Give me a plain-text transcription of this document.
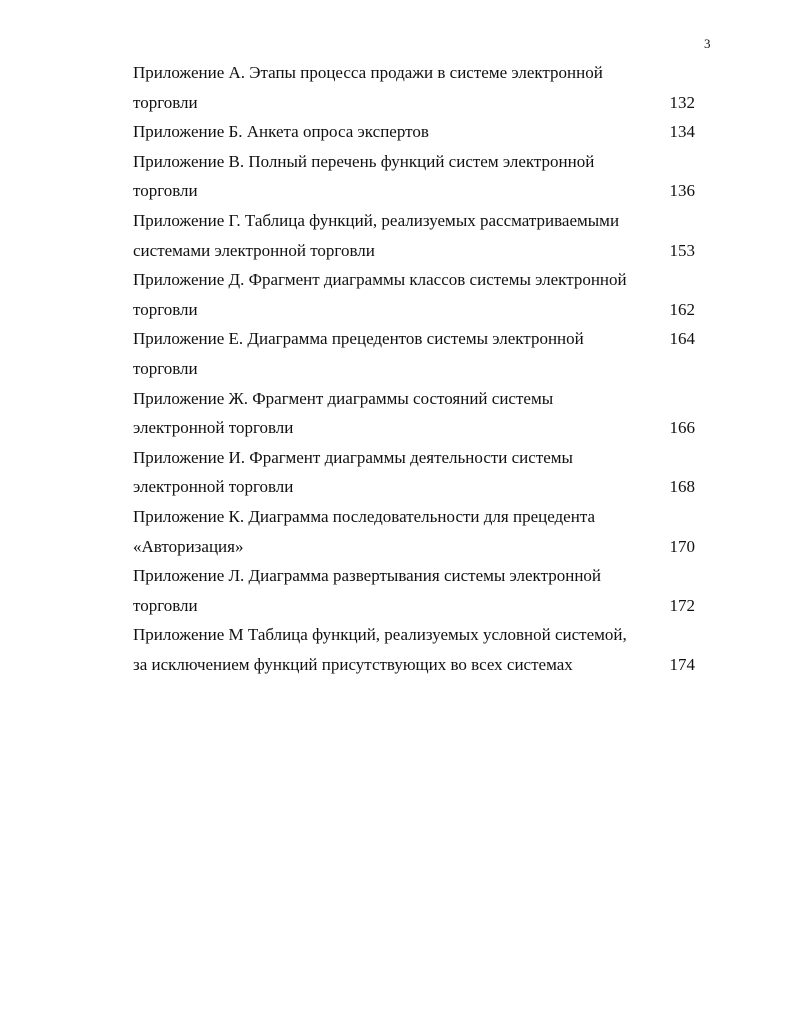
3
Приложение А. Этапы процесса продажи в системе электронной
торговли	132
Приложение Б. Анкета опроса экспертов	134
Приложение В. Полный перечень функций систем электронной
торговли	136
Приложение Г. Таблица функций, реализуемых рассматриваемыми
системами электронной торговли	153
Приложение Д. Фрагмент диаграммы классов системы электронной
торговли	162
Приложение Е. Диаграмма прецедентов системы электронной	164
торговли
Приложение Ж. Фрагмент диаграммы состояний системы
электронной торговли	166
Приложение И. Фрагмент диаграммы деятельности системы
электронной торговли	168
Приложение К. Диаграмма последовательности для прецедента
«Авторизация»	170
Приложение Л. Диаграмма развертывания системы электронной
торговли	172
Приложение М Таблица функций, реализуемых условной системой,
за исключением функций присутствующих во всех системах	174
